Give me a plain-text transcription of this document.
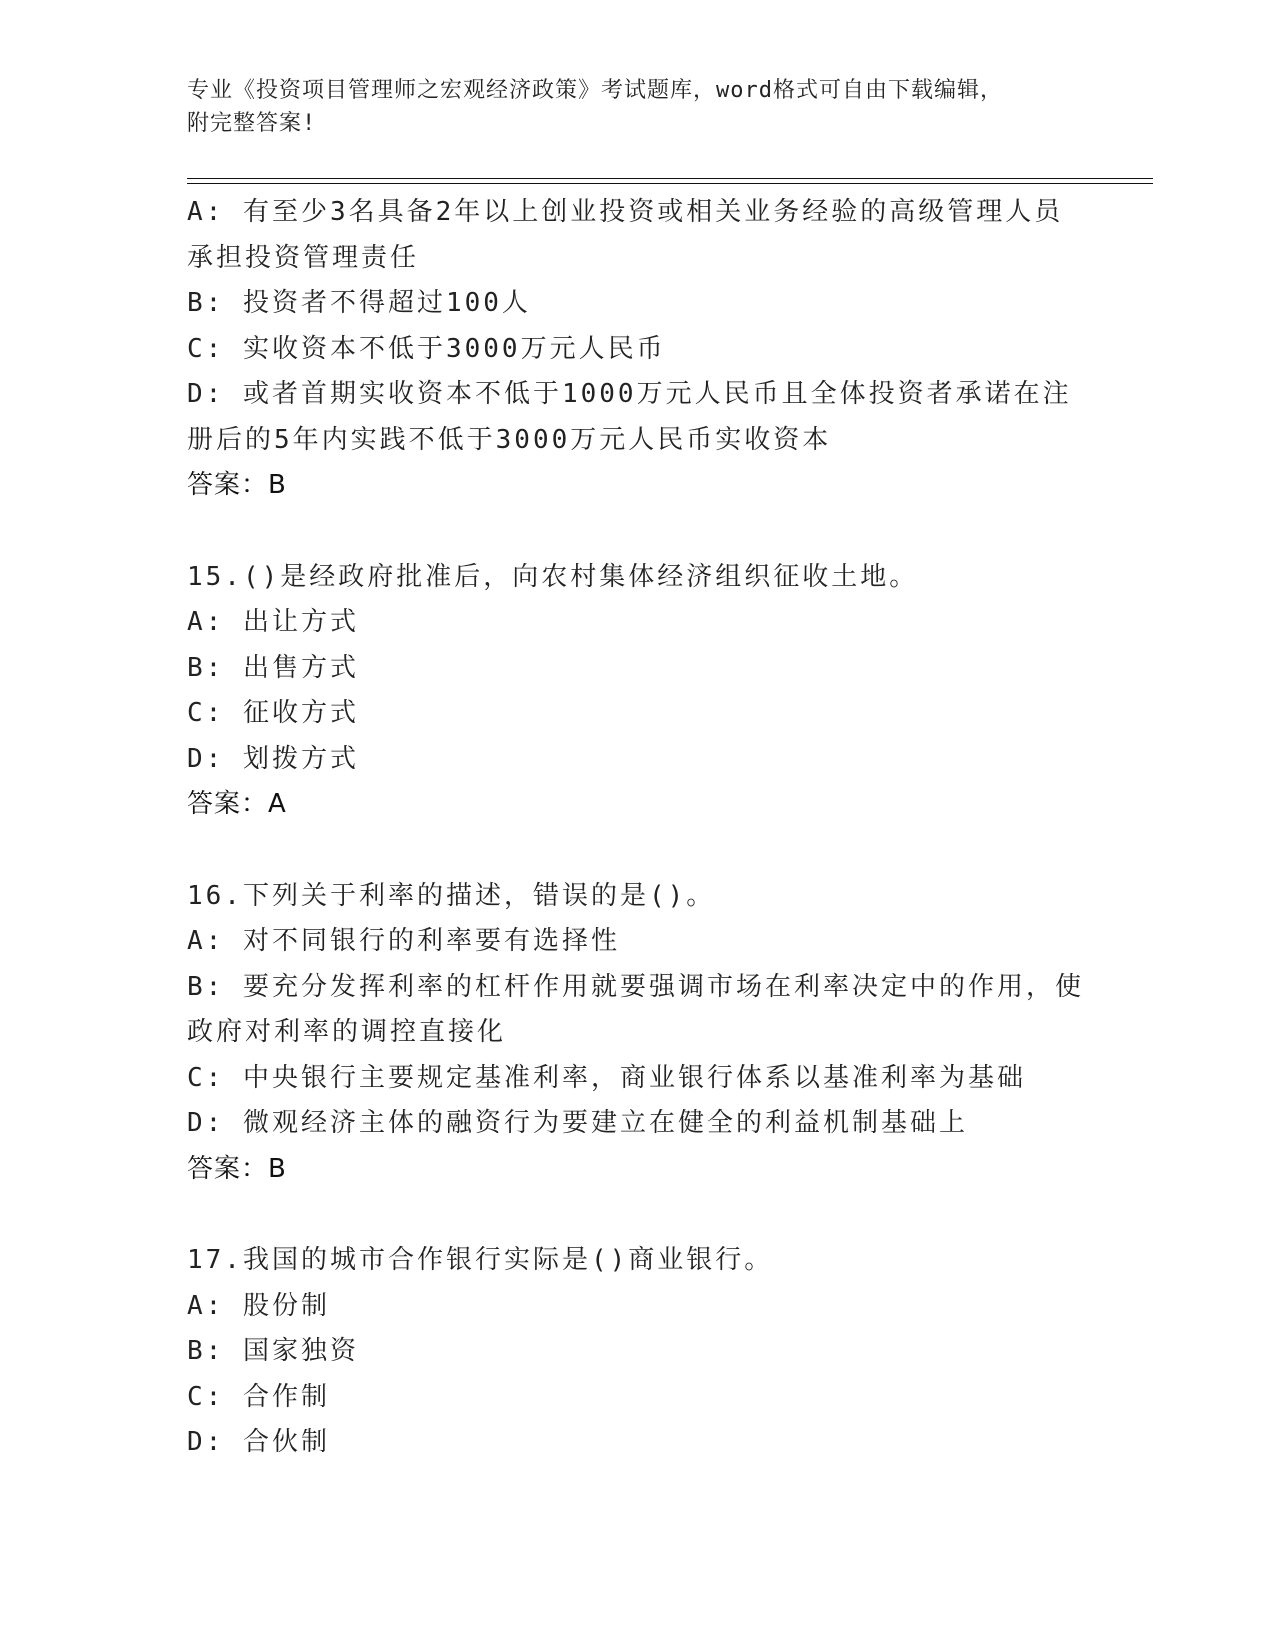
专业《投资项目管理师之宏观经济政策》考试题库，word格式可自由下载编辑，
附完整答案!

A: 有至少3名具备2年以上创业投资或相关业务经验的高级管理人员

承担投资管理责任

B: 投资者不得超过100人

C: 实收资本不低于3000万元人民币

D: 或者首期实收资本不低于1000万元人民币且全体投资者承诺在注

册后的5年内实践不低于3000万元人民币实收资本

答案：B

15.()是经政府批准后，向农村集体经济组织征收土地。

A: 出让方式

B: 出售方式

C: 征收方式

D: 划拨方式

答案：A

16.下列关于利率的描述，错误的是()。

A: 对不同银行的利率要有选择性

B: 要充分发挥利率的杠杆作用就要强调市场在利率决定中的作用，使

政府对利率的调控直接化

C: 中央银行主要规定基准利率，商业银行体系以基准利率为基础

D: 微观经济主体的融资行为要建立在健全的利益机制基础上

答案：B

17.我国的城市合作银行实际是()商业银行。

A: 股份制

B: 国家独资

C: 合作制

D: 合伙制
